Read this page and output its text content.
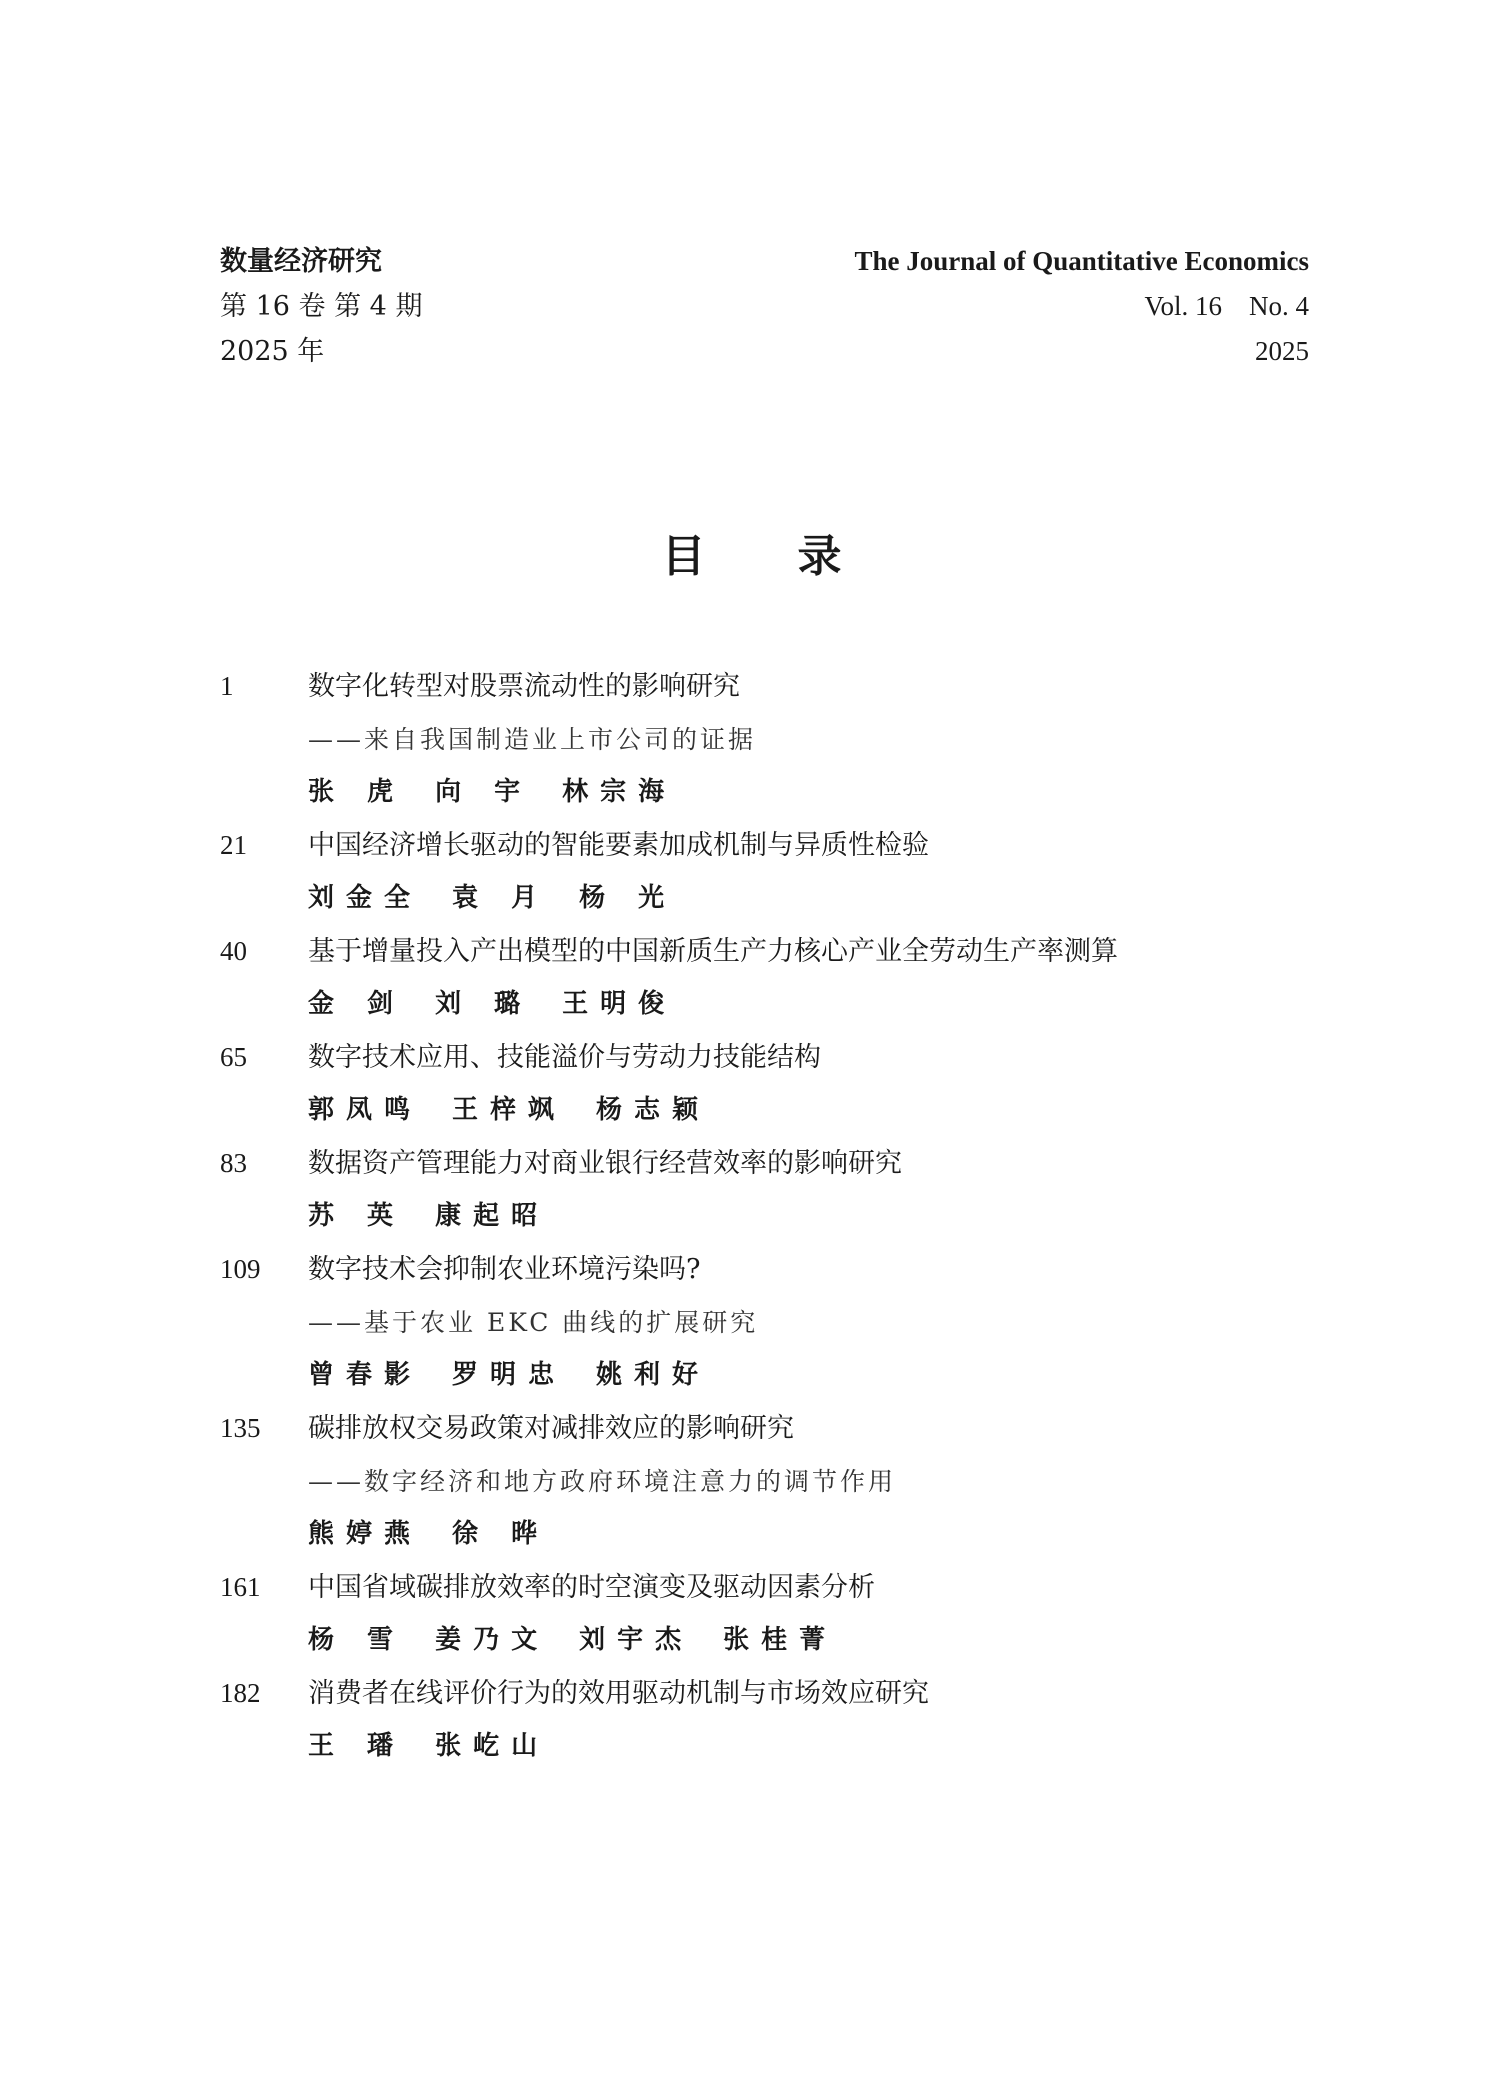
数量经济研究
第 16 卷 第 4 期
2025 年
The Journal of Quantitative Economics
Vol. 16    No. 4
2025
目录
1	数字化转型对股票流动性的影响研究
——来自我国制造业上市公司的证据
张 虎 向 宇 林宗海
21	中国经济增长驱动的智能要素加成机制与异质性检验
刘金全 袁 月 杨 光
40	基于增量投入产出模型的中国新质生产力核心产业全劳动生产率测算
金 剑 刘 璐 王明俊
65	数字技术应用、技能溢价与劳动力技能结构
郭凤鸣 王梓飒 杨志颖
83	数据资产管理能力对商业银行经营效率的影响研究
苏 英 康起昭
109	数字技术会抑制农业环境污染吗?
——基于农业 EKC 曲线的扩展研究
曾春影 罗明忠 姚利好
135	碳排放权交易政策对减排效应的影响研究
——数字经济和地方政府环境注意力的调节作用
熊婷燕 徐 晔
161	中国省域碳排放效率的时空演变及驱动因素分析
杨 雪 姜乃文 刘宇杰 张桂菁
182	消费者在线评价行为的效用驱动机制与市场效应研究
王 璠 张屹山
